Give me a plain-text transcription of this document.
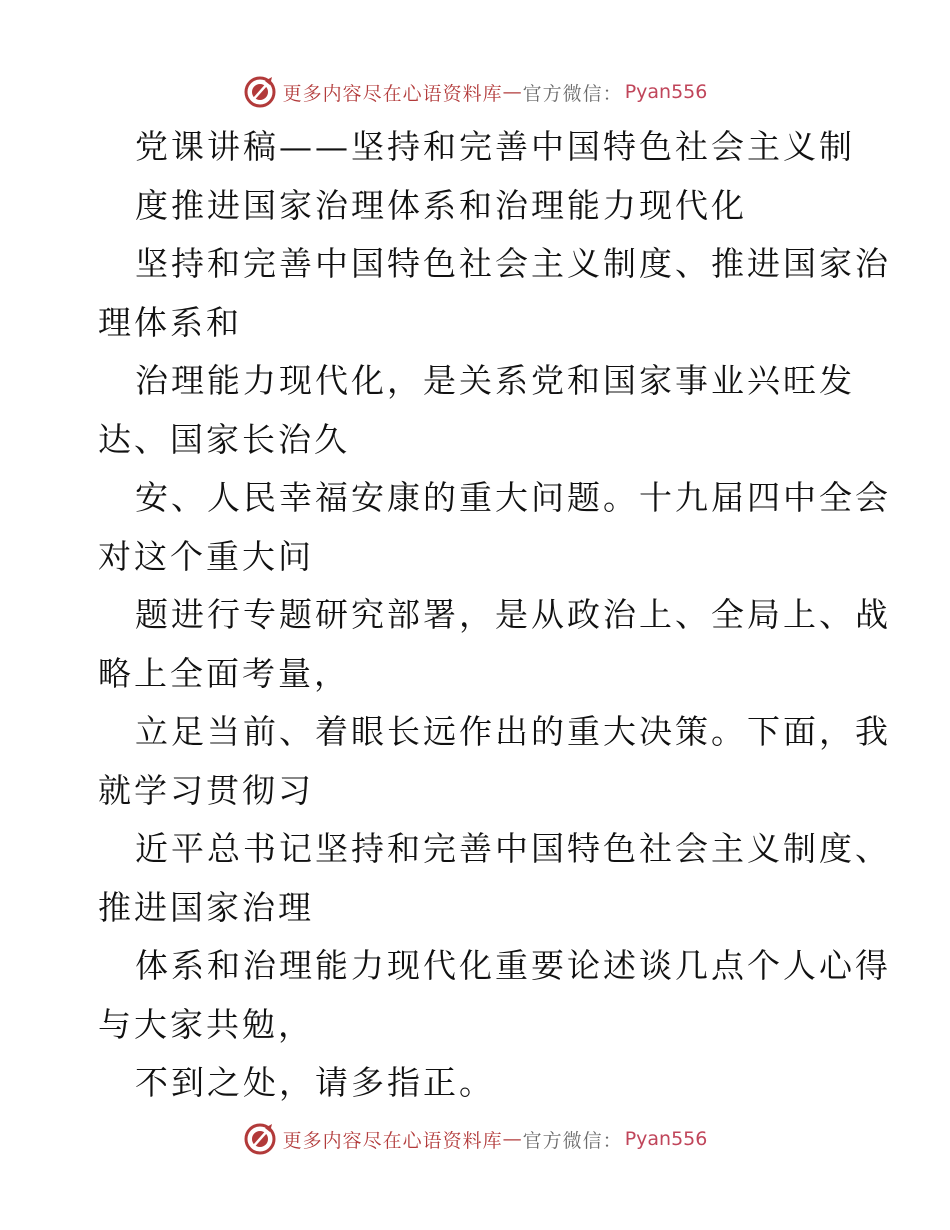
更多内容尽在心语资料库 — 官方微信： Pyan556

党课讲稿——坚持和完善中国特色社会主义制

度推进国家治理体系和治理能力现代化

坚持和完善中国特色社会主义制度、推进国家治

理体系和

治理能力现代化，是关系党和国家事业兴旺发

达、国家长治久

安、人民幸福安康的重大问题。十九届四中全会

对这个重大问

题进行专题研究部署，是从政治上、全局上、战

略上全面考量，

立足当前、着眼长远作出的重大决策。下面，我

就学习贯彻习

近平总书记坚持和完善中国特色社会主义制度、

推进国家治理

体系和治理能力现代化重要论述谈几点个人心得

与大家共勉，

不到之处，请多指正。

更多内容尽在心语资料库 — 官方微信： Pyan556
